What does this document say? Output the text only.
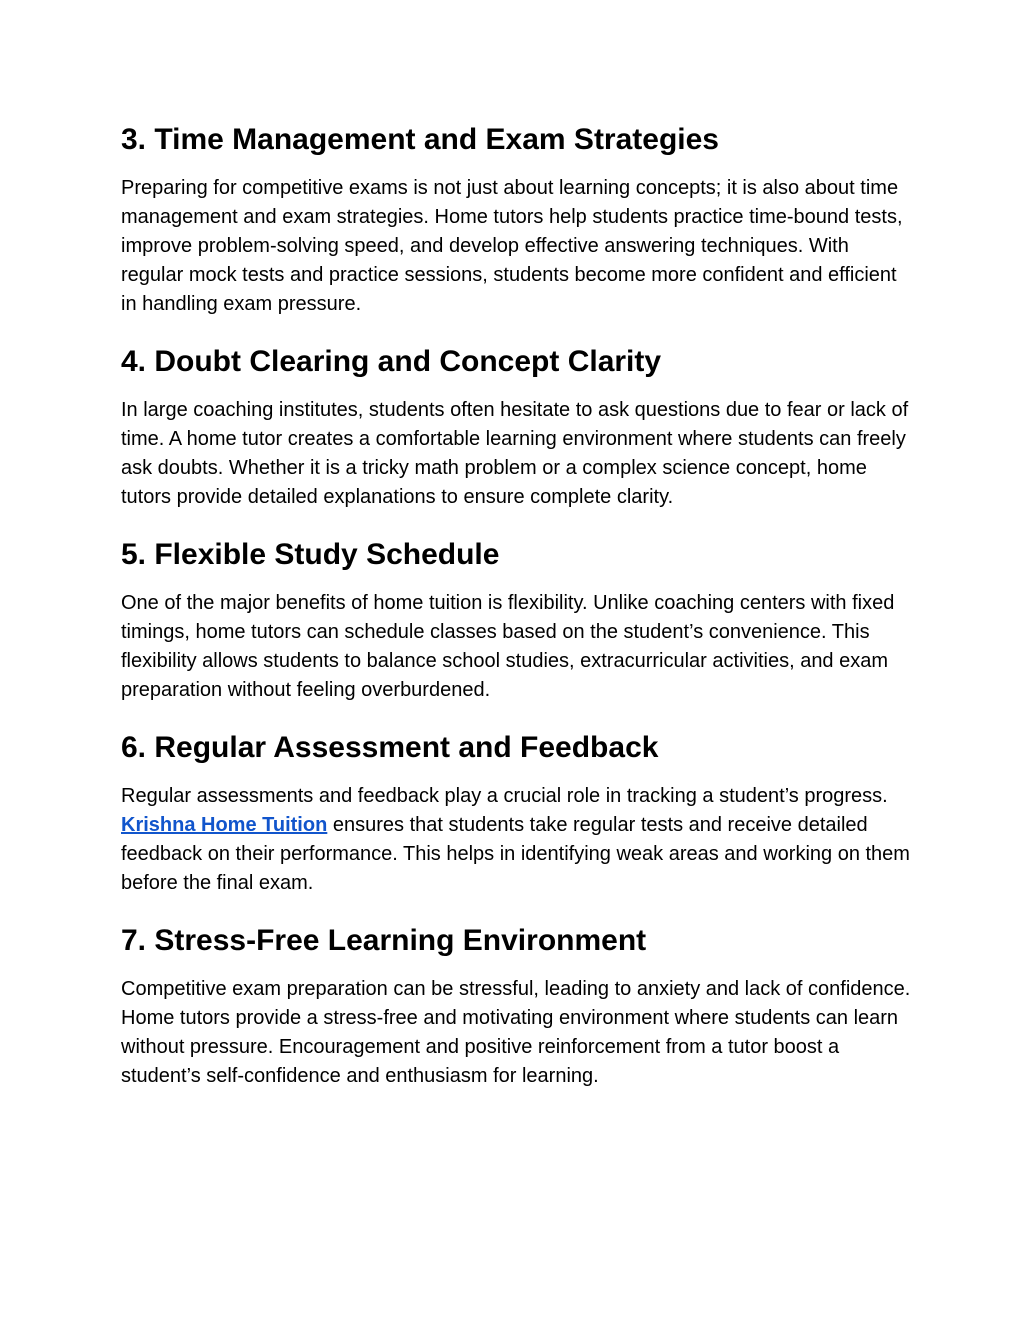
3. Time Management and Exam Strategies

Preparing for competitive exams is not just about learning concepts; it is also about time management and exam strategies. Home tutors help students practice time-bound tests, improve problem-solving speed, and develop effective answering techniques. With regular mock tests and practice sessions, students become more confident and efficient in handling exam pressure.

4. Doubt Clearing and Concept Clarity

In large coaching institutes, students often hesitate to ask questions due to fear or lack of time. A home tutor creates a comfortable learning environment where students can freely ask doubts. Whether it is a tricky math problem or a complex science concept, home tutors provide detailed explanations to ensure complete clarity.

5. Flexible Study Schedule

One of the major benefits of home tuition is flexibility. Unlike coaching centers with fixed timings, home tutors can schedule classes based on the student’s convenience. This flexibility allows students to balance school studies, extracurricular activities, and exam preparation without feeling overburdened.

6. Regular Assessment and Feedback

Regular assessments and feedback play a crucial role in tracking a student’s progress. Krishna Home Tuition ensures that students take regular tests and receive detailed feedback on their performance. This helps in identifying weak areas and working on them before the final exam.

7. Stress-Free Learning Environment

Competitive exam preparation can be stressful, leading to anxiety and lack of confidence. Home tutors provide a stress-free and motivating environment where students can learn without pressure. Encouragement and positive reinforcement from a tutor boost a student’s self-confidence and enthusiasm for learning.
